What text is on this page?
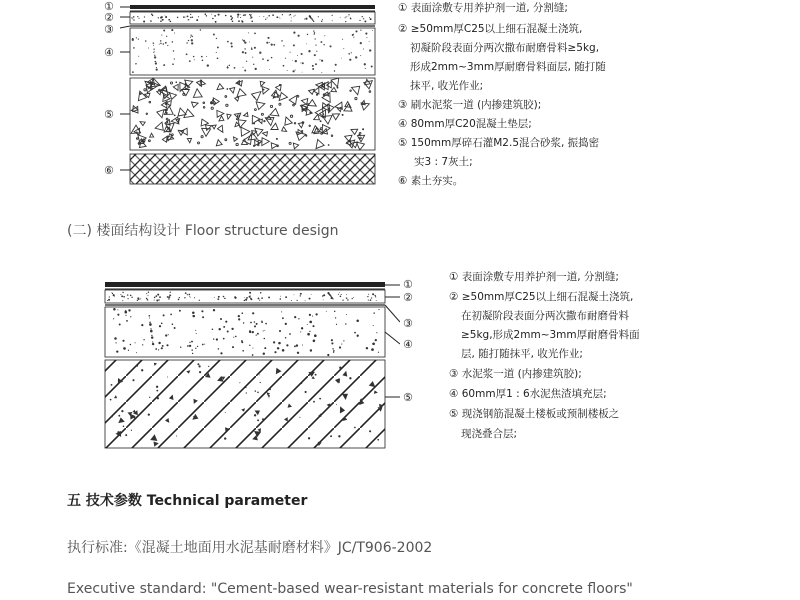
①
②
③
④
⑤
⑥
① 表面涂敷专用养护剂一道, 分割缝;
② ≥50mm厚C25以上细石混凝土浇筑,
初凝阶段表面分两次撒布耐磨骨料≥5kg,
形成2mm~3mm厚耐磨骨料面层, 随打随
抹平, 收光作业;
③ 刷水泥浆一道 (内掺建筑胶);
④ 80mm厚C20混凝土垫层;
⑤ 150mm厚碎石灌M2.5混合砂浆, 振捣密
实3 : 7灰土;
⑥ 素土夯实。
(二) 楼面结构设计 Floor structure design
①
②
③
④
⑤
① 表面涂敷专用养护剂一道, 分割缝;
② ≥50mm厚C25以上细石混凝土浇筑,
在初凝阶段表面分两次撒布耐磨骨料
≥5kg,形成2mm~3mm厚耐磨骨料面
层, 随打随抹平, 收光作业;
③ 水泥浆一道 (内掺建筑胶);
④ 60mm厚1 : 6水泥焦渣填充层;
⑤ 现浇钢筋混凝土楼板或预制楼板之
现浇叠合层;
五 技术参数 Technical parameter
执行标准:《混凝土地面用水泥基耐磨材料》JC/T906-2002
Executive standard: "Cement-based wear-resistant materials for concrete floors"
